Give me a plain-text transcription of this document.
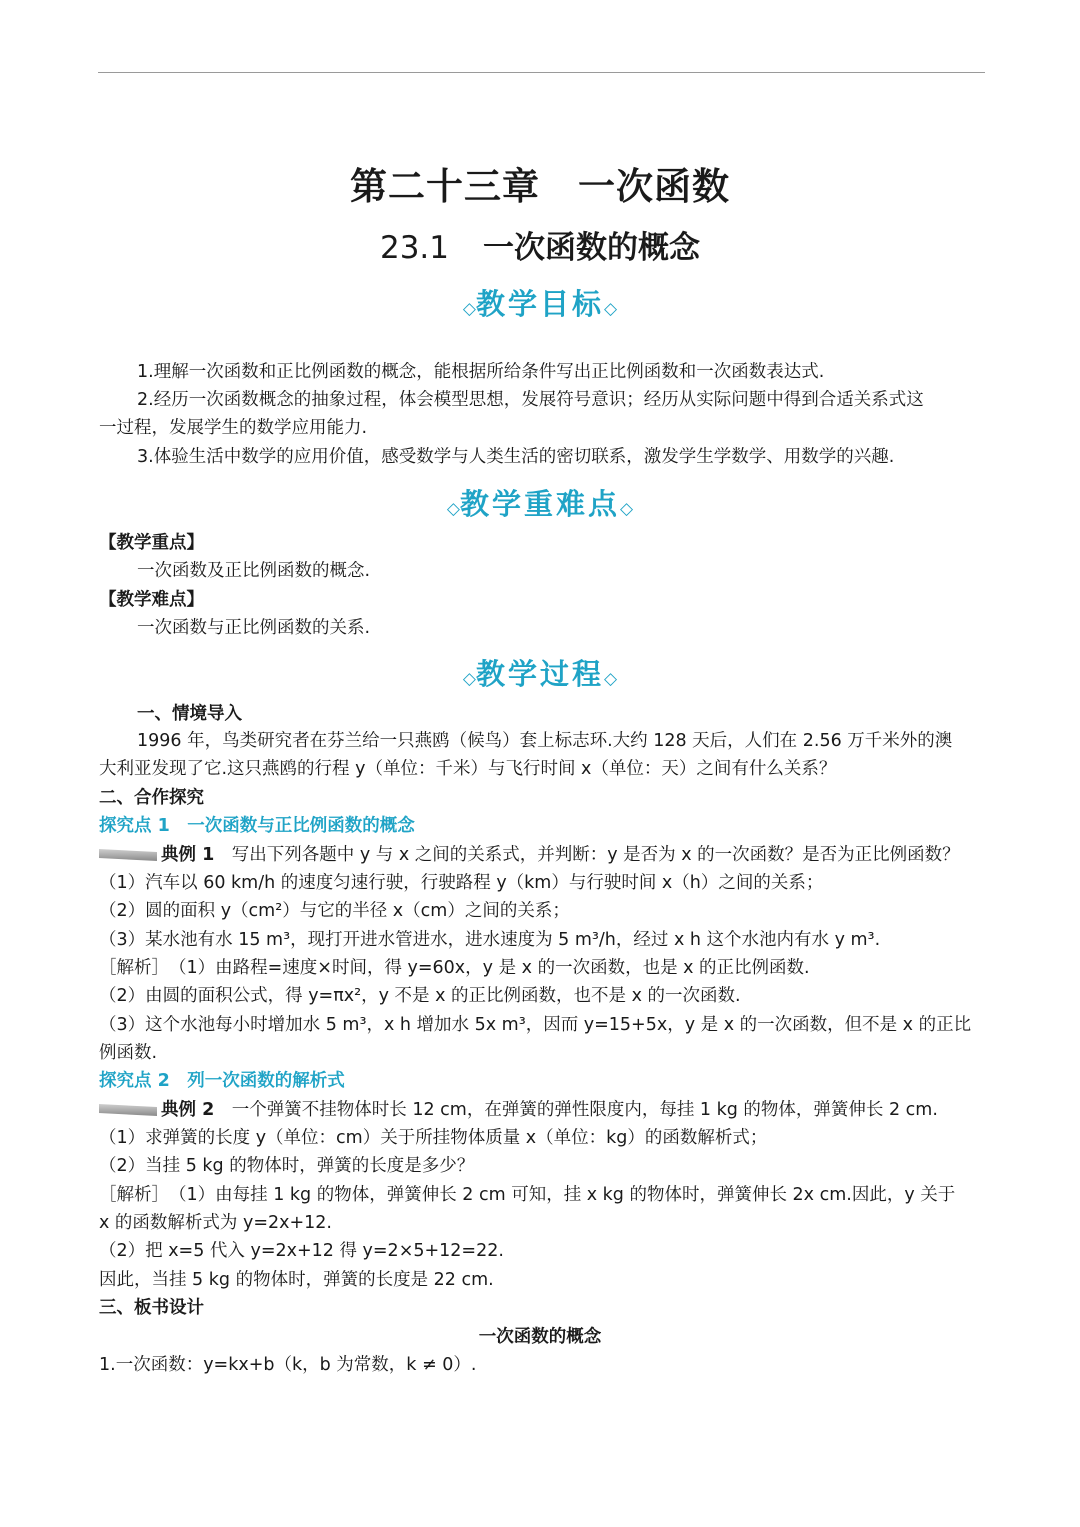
第二十三章　一次函数
23.1 一次函数的概念
◇教学目标◇

1.理解一次函数和正比例函数的概念，能根据所给条件写出正比例函数和一次函数表达式.

2.经历一次函数概念的抽象过程，体会模型思想，发展符号意识；经历从实际问题中得到合适关系式这

一过程，发展学生的数学应用能力.

3.体验生活中数学的应用价值，感受数学与人类生活的密切联系，激发学生学数学、用数学的兴趣.

◇教学重难点◇

【教学重点】

一次函数及正比例函数的概念.

【教学难点】

一次函数与正比例函数的关系.

◇教学过程◇

一、情境导入

1996 年，鸟类研究者在芬兰给一只燕鸥（候鸟）套上标志环.大约 128 天后，人们在 2.56 万千米外的澳

大利亚发现了它.这只燕鸥的行程 y（单位：千米）与飞行时间 x（单位：天）之间有什么关系？

二、合作探究

探究点 1　一次函数与正比例函数的概念

典例 1　 写出下列各题中 y 与 x 之间的关系式，并判断：y 是否为 x 的一次函数？是否为正比例函数？

（1）汽车以 60 km/h 的速度匀速行驶，行驶路程 y（km）与行驶时间 x（h）之间的关系；

（2）圆的面积 y（cm²）与它的半径 x（cm）之间的关系；

（3）某水池有水 15 m³，现打开进水管进水，进水速度为 5 m³/h，经过 x h 这个水池内有水 y m³.

［解析］　（1）由路程=速度×时间，得 y=60x，y 是 x 的一次函数，也是 x 的正比例函数.

（2）由圆的面积公式，得 y=πx²，y 不是 x 的正比例函数，也不是 x 的一次函数.

（3）这个水池每小时增加水 5 m³，x h 增加水 5x m³，因而 y=15+5x，y 是 x 的一次函数，但不是 x 的正比

例函数.

探究点 2　列一次函数的解析式

典例 2　 一个弹簧不挂物体时长 12 cm，在弹簧的弹性限度内，每挂 1 kg 的物体，弹簧伸长 2 cm.

（1）求弹簧的长度 y（单位：cm）关于所挂物体质量 x（单位：kg）的函数解析式；

（2）当挂 5 kg 的物体时，弹簧的长度是多少？

［解析］　（1）由每挂 1 kg 的物体，弹簧伸长 2 cm 可知，挂 x kg 的物体时，弹簧伸长 2x cm.因此，y 关于

x 的函数解析式为 y=2x+12.

（2）把 x=5 代入 y=2x+12 得 y=2×5+12=22.

因此，当挂 5 kg 的物体时，弹簧的长度是 22 cm.

三、板书设计

一次函数的概念

1.一次函数：y=kx+b（k，b 为常数，k ≠ 0）.
